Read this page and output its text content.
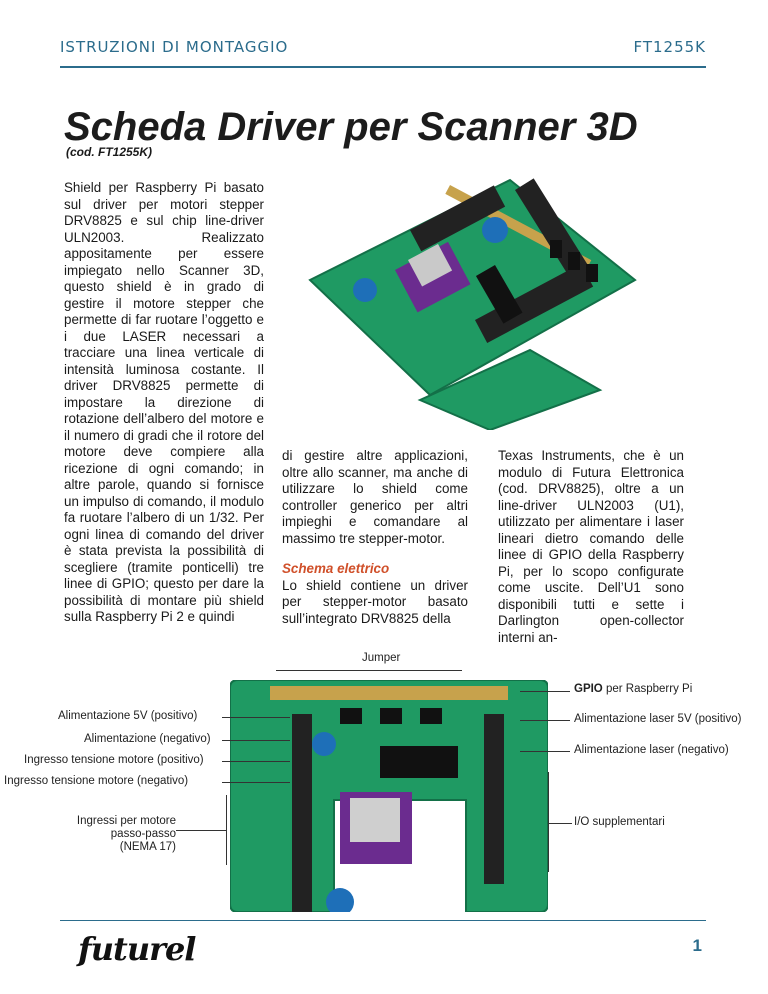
ISTRUZIONI DI MONTAGGIO	FT1255K
Scheda Driver per Scanner 3D
(cod. FT1255K)
Shield per Raspberry Pi basato sul driver per motori stepper DRV8825 e sul chip line-driver ULN2003. Realizzato appositamente per essere impiegato nello Scanner 3D, questo shield è in grado di gestire il motore stepper che permette di far ruotare l’oggetto e i due LASER necessari a tracciare una linea verticale di intensità luminosa costante. Il driver DRV8825 permette di impostare la direzione di rotazione dell’albero del motore e il numero di gradi che il rotore del motore deve compiere alla ricezione di ogni comando; in altre parole, quando si fornisce un impulso di comando, il modulo fa ruotare l’albero di un 1/32. Per ogni linea di comando del driver è stata prevista la possibilità di scegliere (tramite ponticelli) tre linee di GPIO; questo per dare la possibilità di montare più shield sulla Raspberry Pi 2 e quindi
di gestire altre applicazioni, oltre allo scanner, ma anche di utilizzare lo shield come controller generico per altri impieghi e comandare al massimo tre stepper-motor.
Schema elettrico
Lo shield contiene un driver per stepper-motor basato sull’integrato DRV8825 della
Texas Instruments, che è un modulo di Futura Elettronica (cod. DRV8825), oltre a un line-driver ULN2003 (U1), utilizzato per alimentare i laser lineari dietro comando delle linee di GPIO della Raspberry Pi, per lo scopo configurate come uscite. Dell’U1 sono disponibili tutti e sette i Darlington open-collector interni an-
Jumper
GPIO per Raspberry Pi
Alimentazione 5V (positivo)
Alimentazione (negativo)
Ingresso tensione motore (positivo)
Ingresso tensione motore (negativo)
Ingressi per motore
passo-passo
(NEMA 17)
Alimentazione laser 5V (positivo)
Alimentazione laser (negativo)
I/O supplementari
futurel	1
